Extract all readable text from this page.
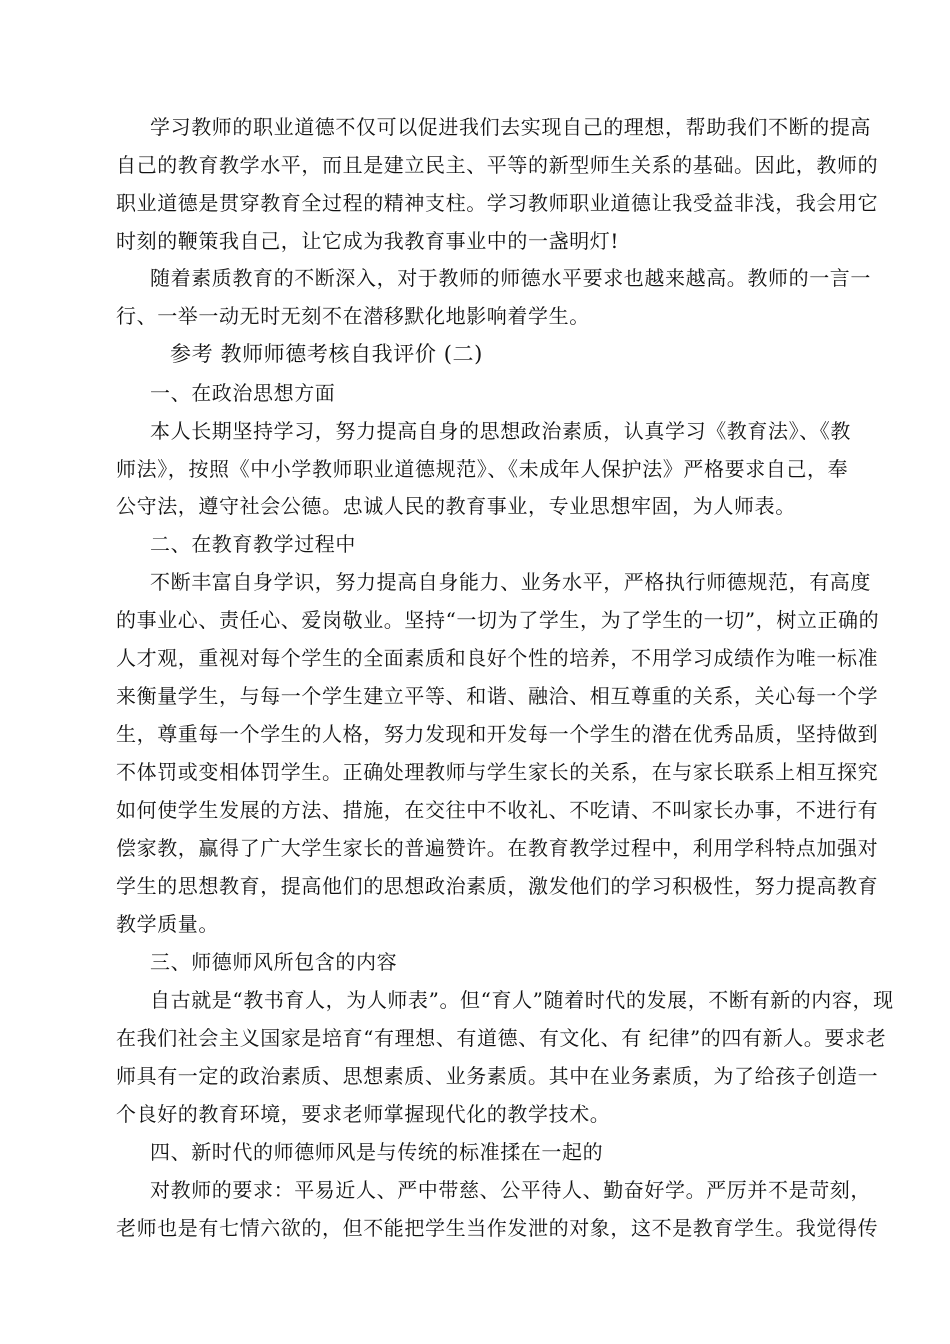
学习教师的职业道德不仅可以促进我们去实现自己的理想，帮助我们不断的提高
自己的教育教学水平，而且是建立民主、平等的新型师生关系的基础。因此，教师的
职业道德是贯穿教育全过程的精神支柱。学习教师职业道德让我受益非浅，我会用它
时刻的鞭策我自己，让它成为我教育事业中的一盏明灯!
随着素质教育的不断深入，对于教师的师德水平要求也越来越高。教师的一言一
行、一举一动无时无刻不在潜移默化地影响着学生。
参考 教师师德考核自我评价 (二)
一、在政治思想方面
本人长期坚持学习，努力提高自身的思想政治素质，认真学习《教育法》、《教
师法》，按照《中小学教师职业道德规范》、《未成年人保护法》严格要求自己，奉
公守法，遵守社会公德。忠诚人民的教育事业，专业思想牢固，为人师表。
二、在教育教学过程中
不断丰富自身学识，努力提高自身能力、业务水平，严格执行师德规范，有高度
的事业心、责任心、爱岗敬业。坚持“一切为了学生，为了学生的一切”，树立正确的
人才观，重视对每个学生的全面素质和良好个性的培养，不用学习成绩作为唯一标准
来衡量学生，与每一个学生建立平等、和谐、融洽、相互尊重的关系，关心每一个学
生，尊重每一个学生的人格，努力发现和开发每一个学生的潜在优秀品质，坚持做到
不体罚或变相体罚学生。正确处理教师与学生家长的关系，在与家长联系上相互探究
如何使学生发展的方法、措施，在交往中不收礼、不吃请、不叫家长办事，不进行有
偿家教，赢得了广大学生家长的普遍赞许。在教育教学过程中，利用学科特点加强对
学生的思想教育，提高他们的思想政治素质，激发他们的学习积极性，努力提高教育
教学质量。
三、师德师风所包含的内容
自古就是“教书育人，为人师表”。但“育人”随着时代的发展，不断有新的内容，现
在我们社会主义国家是培育“有理想、有道德、有文化、有 纪律”的四有新人。要求老
师具有一定的政治素质、思想素质、业务素质。其中在业务素质，为了给孩子创造一
个良好的教育环境，要求老师掌握现代化的教学技术。
四、新时代的师德师风是与传统的标准揉在一起的
对教师的要求：平易近人、严中带慈、公平待人、勤奋好学。严厉并不是苛刻，
老师也是有七情六欲的，但不能把学生当作发泄的对象，这不是教育学生。我觉得传
